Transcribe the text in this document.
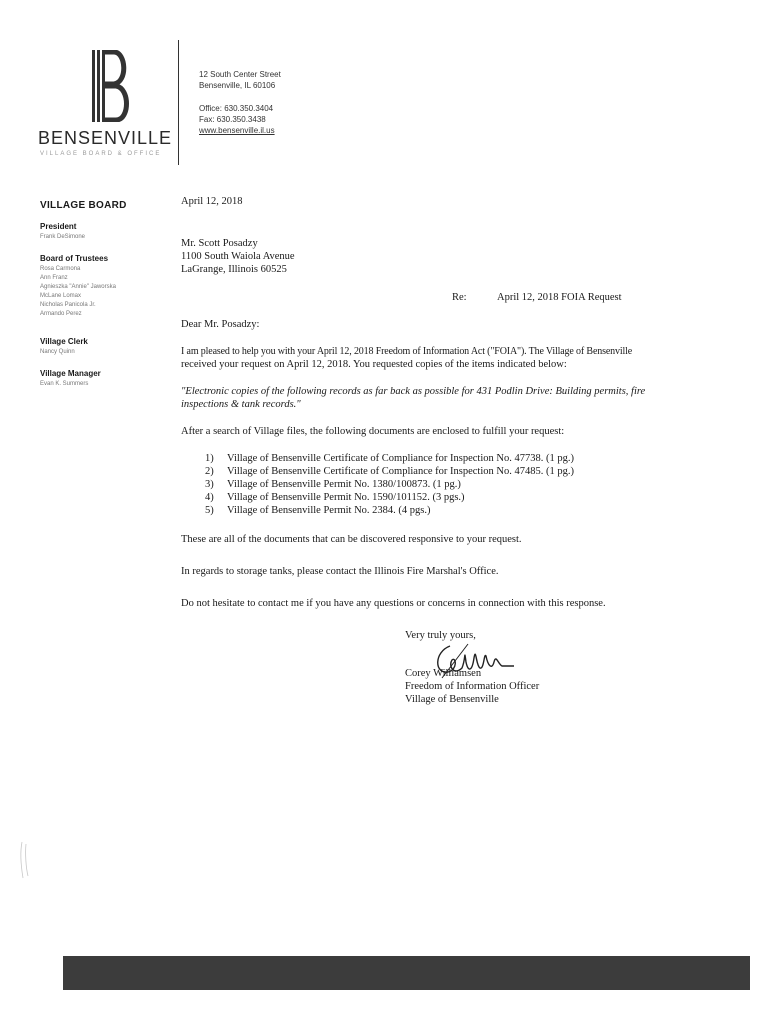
BENSENVILLE
VILLAGE BOARD & OFFICE
12 South Center Street
Bensenville, IL 60106
Office: 630.350.3404
Fax: 630.350.3438
www.bensenville.il.us
VILLAGE BOARD
President
Frank DeSimone
Board of Trustees
Rosa Carmona
Ann Franz
Agnieszka "Annie" Jaworska
McLane Lomax
Nicholas Panicola Jr.
Armando Perez
Village Clerk
Nancy Quinn
Village Manager
Evan K. Summers
April 12, 2018
Mr. Scott Posadzy
1100 South Waiola Avenue
LaGrange, Illinois 60525
Re:	April 12, 2018 FOIA Request
Dear Mr. Posadzy:
I am pleased to help you with your April 12, 2018 Freedom of Information Act ("FOIA"). The Village of Bensenville
received your request on April 12, 2018. You requested copies of the items indicated below:
"Electronic copies of the following records as far back as possible for 431 Podlin Drive: Building permits, fire
inspections & tank records."
After a search of Village files, the following documents are enclosed to fulfill your request:
1) Village of Bensenville Certificate of Compliance for Inspection No. 47738. (1 pg.)
2) Village of Bensenville Certificate of Compliance for Inspection No. 47485. (1 pg.)
3) Village of Bensenville Permit No. 1380/100873. (1 pg.)
4) Village of Bensenville Permit No. 1590/101152. (3 pgs.)
5) Village of Bensenville Permit No. 2384. (4 pgs.)
These are all of the documents that can be discovered responsive to your request.
In regards to storage tanks, please contact the Illinois Fire Marshal's Office.
Do not hesitate to contact me if you have any questions or concerns in connection with this response.
Very truly yours,
Corey Williamsen
Freedom of Information Officer
Village of Bensenville
